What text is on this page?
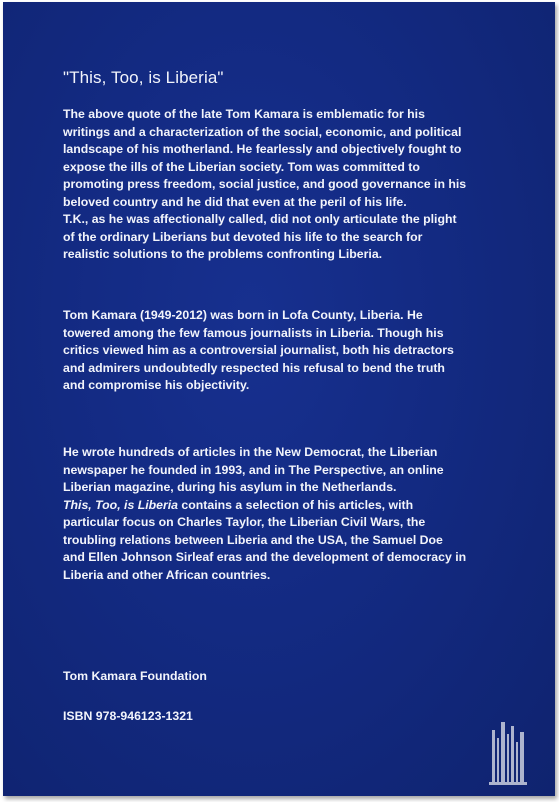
"This, Too, is Liberia"

The above quote of the late Tom Kamara is emblematic for his
writings and a characterization of the social, economic, and political
landscape of his motherland. He fearlessly and objectively fought to
expose the ills of the Liberian society. Tom was committed to
promoting press freedom, social justice, and good governance in his
beloved country and he did that even at the peril of his life.
T.K., as he was affectionally called, did not only articulate the plight
of the ordinary Liberians but devoted his life to the search for
realistic solutions to the problems confronting Liberia.

Tom Kamara (1949-2012) was born in Lofa County, Liberia. He
towered among the few famous journalists in Liberia. Though his
critics viewed him as a controversial journalist, both his detractors
and admirers undoubtedly respected his refusal to bend the truth
and compromise his objectivity.

He wrote hundreds of articles in the New Democrat, the Liberian
newspaper he founded in 1993, and in The Perspective, an online
Liberian magazine, during his asylum in the Netherlands.
This, Too, is Liberia contains a selection of his articles, with
particular focus on Charles Taylor, the Liberian Civil Wars, the
troubling relations between Liberia and the USA, the Samuel Doe
and Ellen Johnson Sirleaf eras and the development of democracy in
Liberia and other African countries.

Tom Kamara Foundation
ISBN 978-946123-1321
